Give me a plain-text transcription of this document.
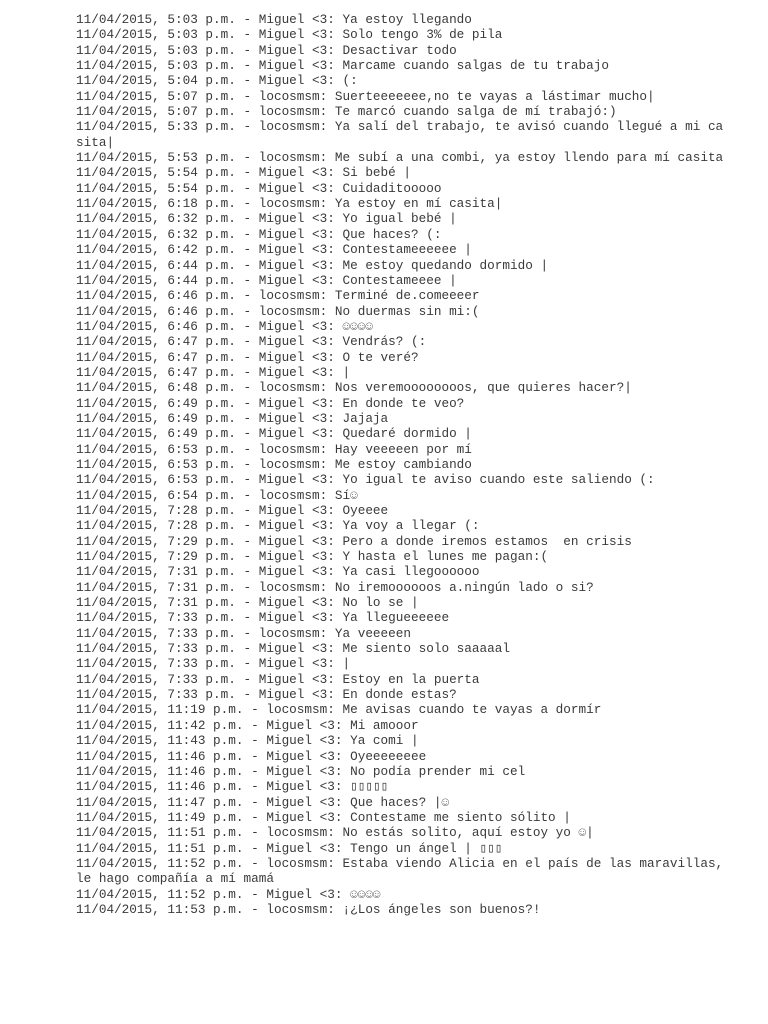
11/04/2015, 5:03 p.m. - Miguel <3: Ya estoy llegando
11/04/2015, 5:03 p.m. - Miguel <3: Solo tengo 3% de pila
11/04/2015, 5:03 p.m. - Miguel <3: Desactivar todo
11/04/2015, 5:03 p.m. - Miguel <3: Marcame cuando salgas de tu trabajo
11/04/2015, 5:04 p.m. - Miguel <3: (:
11/04/2015, 5:07 p.m. - locosmsm: Suerteeeeeee,no te vayas a lástimar mucho|
11/04/2015, 5:07 p.m. - locosmsm: Te marcó cuando salga de mí trabajó:)
11/04/2015, 5:33 p.m. - locosmsm: Ya salí del trabajo, te avisó cuando llegué a mi casita|
11/04/2015, 5:53 p.m. - locosmsm: Me subí a una combi, ya estoy llendo para mí casita
11/04/2015, 5:54 p.m. - Miguel <3: Si bebé |
11/04/2015, 5:54 p.m. - Miguel <3: Cuidaditooooo
11/04/2015, 6:18 p.m. - locosmsm: Ya estoy en mí casita|
11/04/2015, 6:32 p.m. - Miguel <3: Yo igual bebé |
11/04/2015, 6:32 p.m. - Miguel <3: Que haces? (:
11/04/2015, 6:42 p.m. - Miguel <3: Contestameeeeee |
11/04/2015, 6:44 p.m. - Miguel <3: Me estoy quedando dormido |
11/04/2015, 6:44 p.m. - Miguel <3: Contestameeee |
11/04/2015, 6:46 p.m. - locosmsm: Terminé de.comeeeer
11/04/2015, 6:46 p.m. - locosmsm: No duermas sin mi:(
11/04/2015, 6:46 p.m. - Miguel <3: ☺☺☺☺
11/04/2015, 6:47 p.m. - Miguel <3: Vendrás? (:
11/04/2015, 6:47 p.m. - Miguel <3: O te veré?
11/04/2015, 6:47 p.m. - Miguel <3: |
11/04/2015, 6:48 p.m. - locosmsm: Nos veremoooooooos, que quieres hacer?|
11/04/2015, 6:49 p.m. - Miguel <3: En donde te veo?
11/04/2015, 6:49 p.m. - Miguel <3: Jajaja
11/04/2015, 6:49 p.m. - Miguel <3: Quedaré dormido |
11/04/2015, 6:53 p.m. - locosmsm: Hay veeeeen por mí
11/04/2015, 6:53 p.m. - locosmsm: Me estoy cambiando
11/04/2015, 6:53 p.m. - Miguel <3: Yo igual te aviso cuando este saliendo (:
11/04/2015, 6:54 p.m. - locosmsm: Sí☺
11/04/2015, 7:28 p.m. - Miguel <3: Oyeeee
11/04/2015, 7:28 p.m. - Miguel <3: Ya voy a llegar (:
11/04/2015, 7:29 p.m. - Miguel <3: Pero a donde iremos estamos  en crisis
11/04/2015, 7:29 p.m. - Miguel <3: Y hasta el lunes me pagan:(
11/04/2015, 7:31 p.m. - Miguel <3: Ya casi llegoooooo
11/04/2015, 7:31 p.m. - locosmsm: No iremoooooos a.ningún lado o si?
11/04/2015, 7:31 p.m. - Miguel <3: No lo se |
11/04/2015, 7:33 p.m. - Miguel <3: Ya llegueeeeee
11/04/2015, 7:33 p.m. - locosmsm: Ya veeeeen
11/04/2015, 7:33 p.m. - Miguel <3: Me siento solo saaaaal
11/04/2015, 7:33 p.m. - Miguel <3: |
11/04/2015, 7:33 p.m. - Miguel <3: Estoy en la puerta
11/04/2015, 7:33 p.m. - Miguel <3: En donde estas?
11/04/2015, 11:19 p.m. - locosmsm: Me avisas cuando te vayas a dormír
11/04/2015, 11:42 p.m. - Miguel <3: Mi amooor
11/04/2015, 11:43 p.m. - Miguel <3: Ya comi |
11/04/2015, 11:46 p.m. - Miguel <3: Oyeeeeeeee
11/04/2015, 11:46 p.m. - Miguel <3: No podía prender mi cel
11/04/2015, 11:46 p.m. - Miguel <3: ▯▯▯▯▯
11/04/2015, 11:47 p.m. - Miguel <3: Que haces? |☺
11/04/2015, 11:49 p.m. - Miguel <3: Contestame me siento sólito |
11/04/2015, 11:51 p.m. - locosmsm: No estás solito, aquí estoy yo ☺|
11/04/2015, 11:51 p.m. - Miguel <3: Tengo un ángel | ▯▯▯
11/04/2015, 11:52 p.m. - locosmsm: Estaba viendo Alicia en el país de las maravillas, le hago compañía a mí mamá
11/04/2015, 11:52 p.m. - Miguel <3: ☺☺☺☺
11/04/2015, 11:53 p.m. - locosmsm: ¡¿Los ángeles son buenos?!
